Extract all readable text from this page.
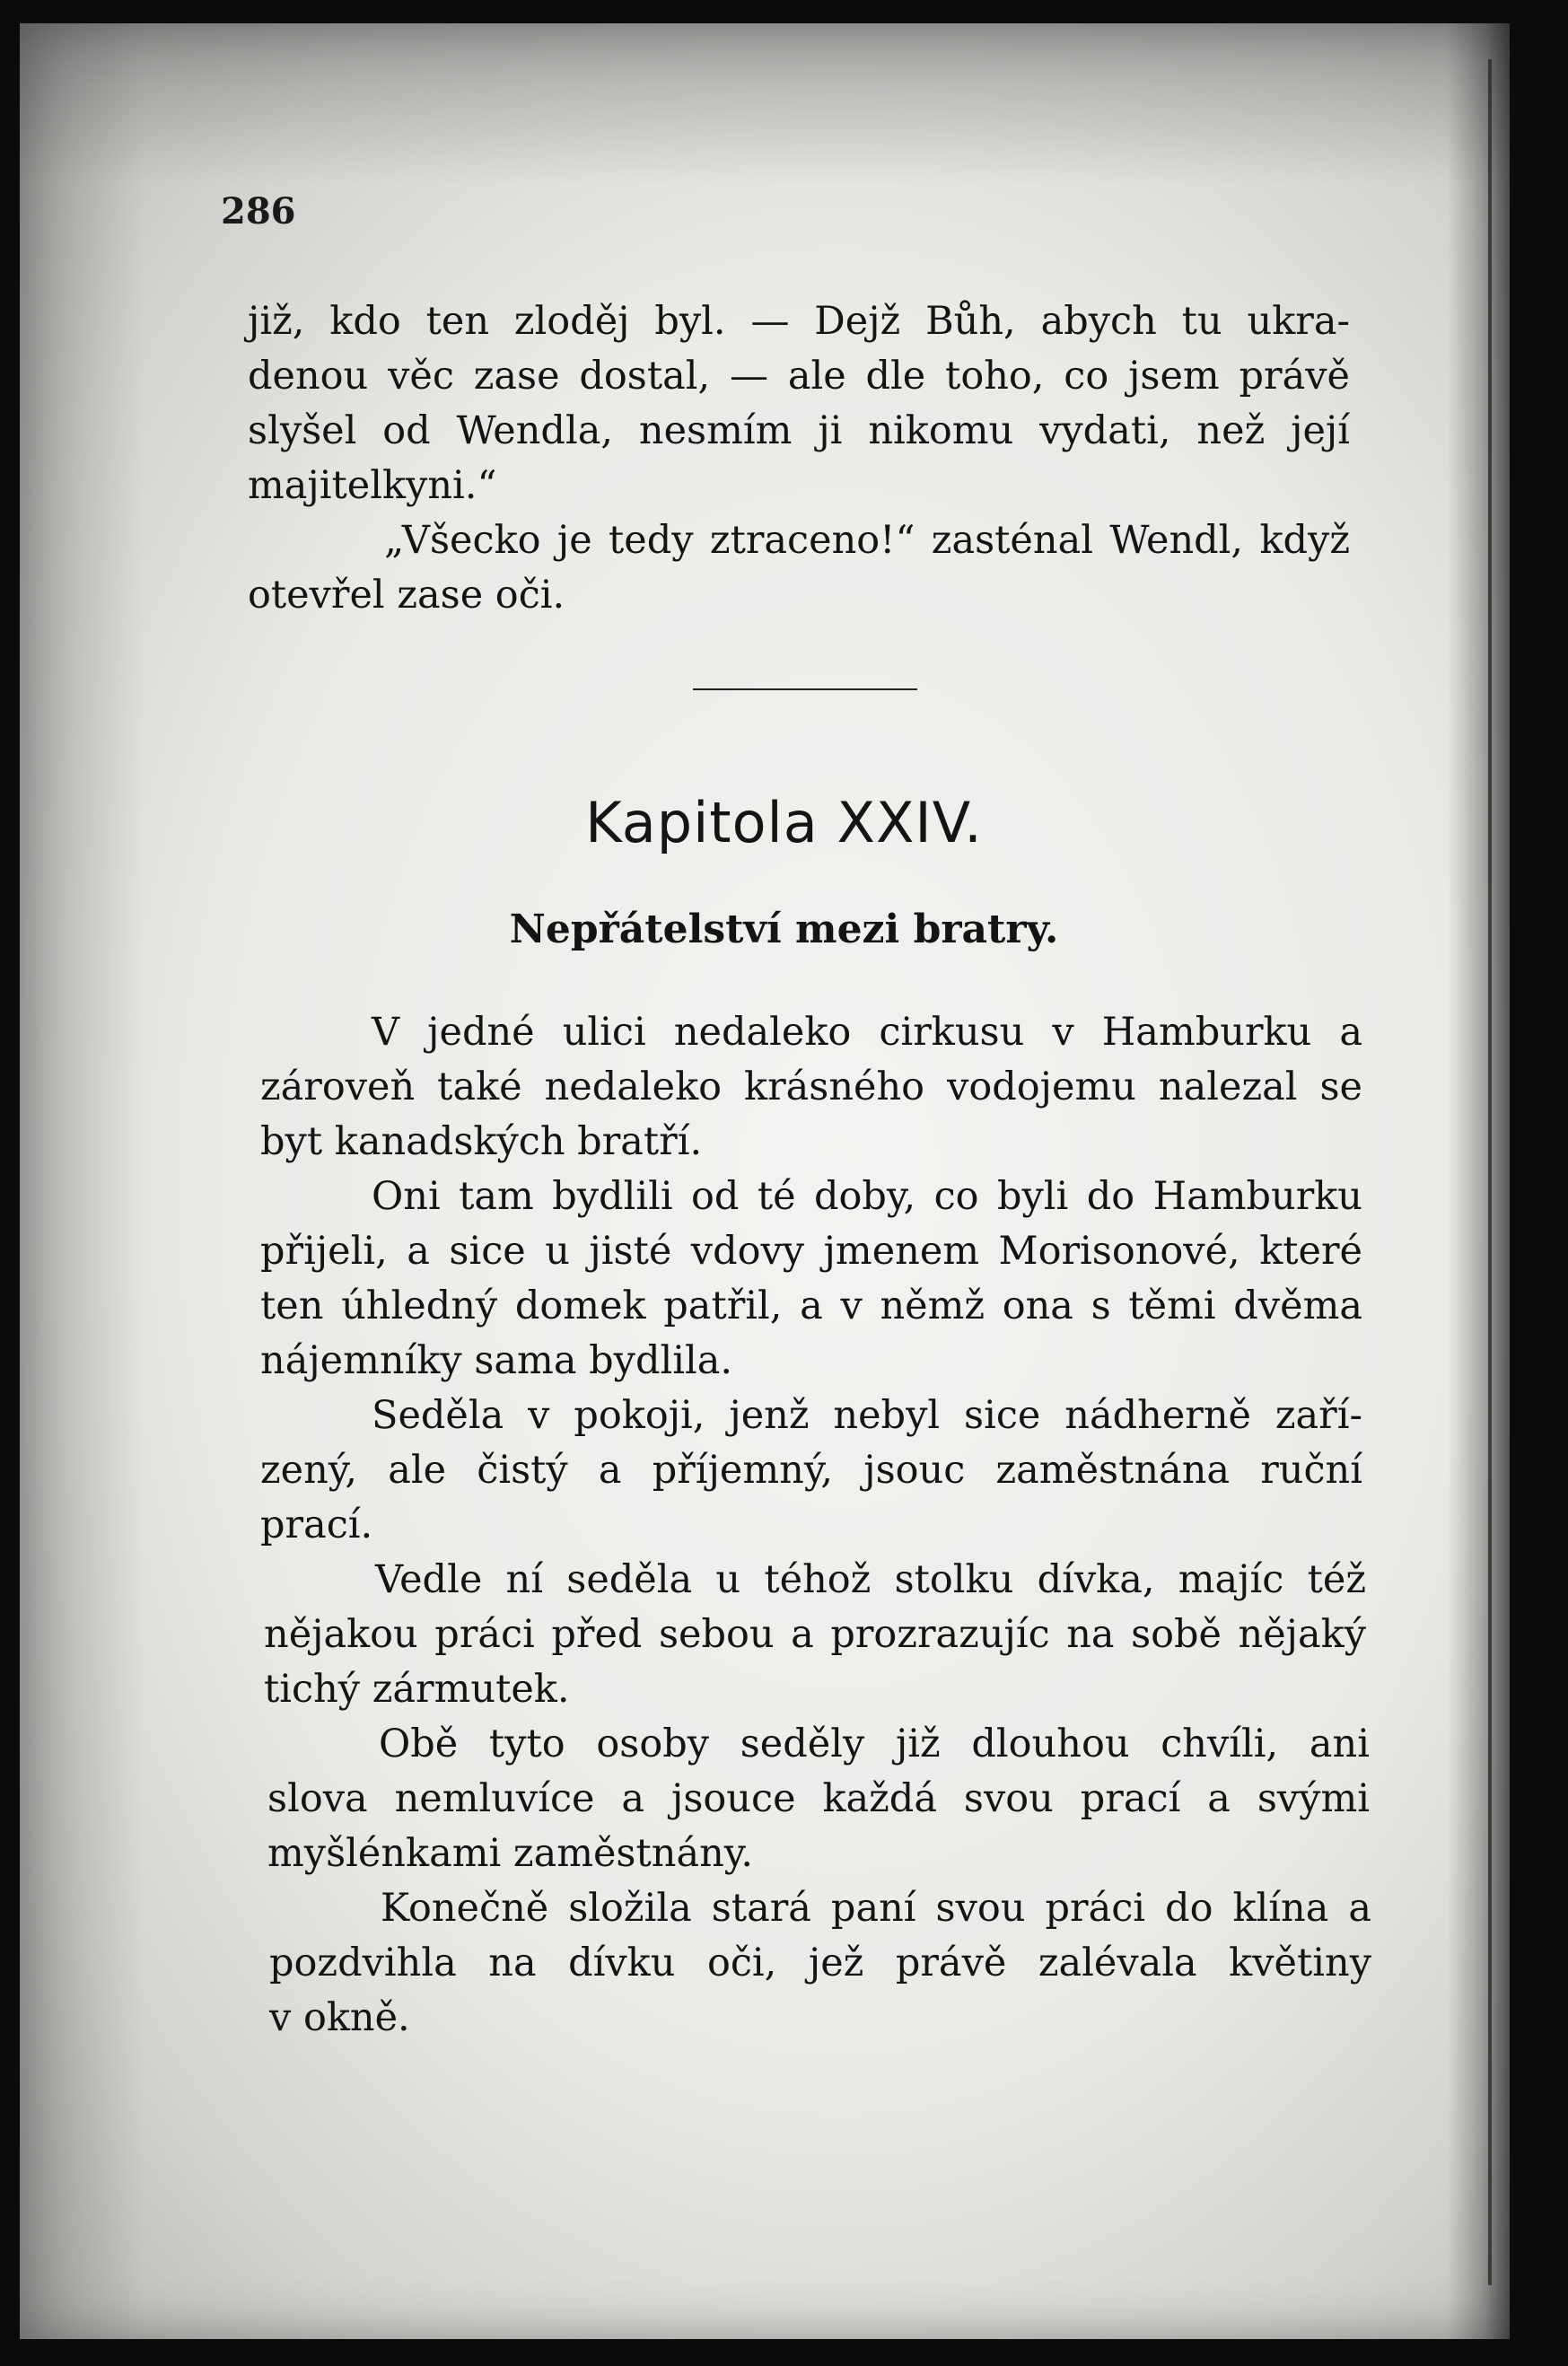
286
již, kdo ten zloděj byl. — Dejž Bůh, abych tu ukra-
denou věc zase dostal, — ale dle toho, co jsem právě
slyšel od Wendla, nesmím ji nikomu vydati, než její
majitelkyni.“
„Všecko je tedy ztraceno!“ zasténal Wendl, když
otevřel zase oči.
Kapitola XXIV.
Nepřátelství mezi bratry.
V jedné ulici nedaleko cirkusu v Hamburku a
zároveň také nedaleko krásného vodojemu nalezal se
byt kanadských bratří.
Oni tam bydlili od té doby, co byli do Hamburku
přijeli, a sice u jisté vdovy jmenem Morisonové, které
ten úhledný domek patřil, a v němž ona s těmi dvěma
nájemníky sama bydlila.
Seděla v pokoji, jenž nebyl sice nádherně zaří-
zený, ale čistý a příjemný, jsouc zaměstnána ruční
prací.
Vedle ní seděla u téhož stolku dívka, majíc též
nějakou práci před sebou a prozrazujíc na sobě nějaký
tichý zármutek.
Obě tyto osoby seděly již dlouhou chvíli, ani
slova nemluvíce a jsouce každá svou prací a svými
myšlénkami zaměstnány.
Konečně složila stará paní svou práci do klína a
pozdvihla na dívku oči, jež právě zalévala květiny
v okně.
